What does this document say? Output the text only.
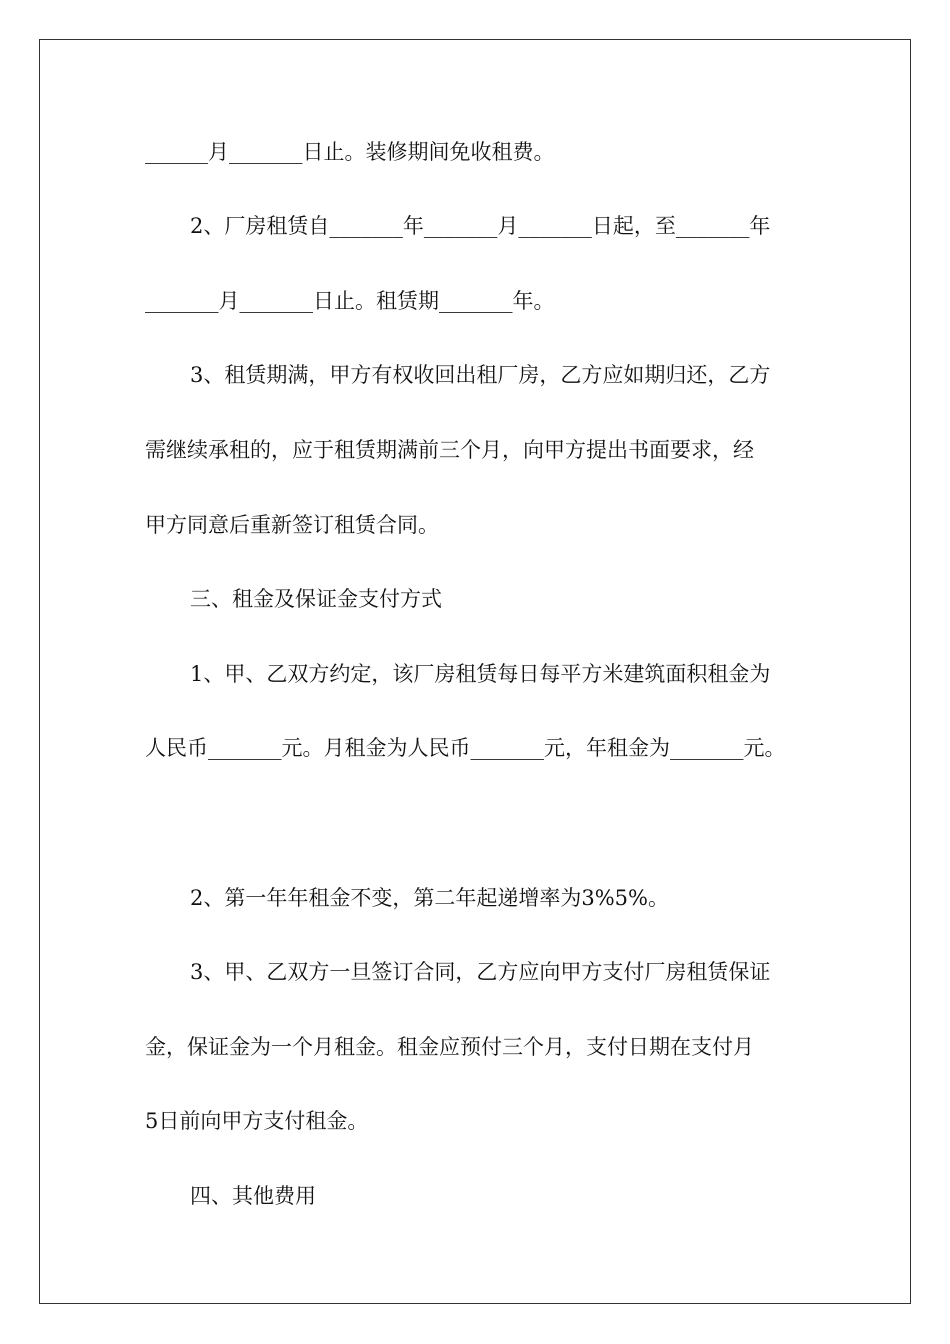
______月_______日止。装修期间免收租费。

2、厂房租赁自_______年_______月_______日起，至_______年

_______月_______日止。租赁期_______年。

3、租赁期满，甲方有权收回出租厂房，乙方应如期归还，乙方

需继续承租的，应于租赁期满前三个月，向甲方提出书面要求，经

甲方同意后重新签订租赁合同。

三、租金及保证金支付方式

1、甲、乙双方约定，该厂房租赁每日每平方米建筑面积租金为

人民币_______元。月租金为人民币_______元，年租金为_______元。

2、第一年年租金不变，第二年起递增率为3%5%。

3、甲、乙双方一旦签订合同，乙方应向甲方支付厂房租赁保证

金，保证金为一个月租金。租金应预付三个月，支付日期在支付月

5日前向甲方支付租金。

四、其他费用
